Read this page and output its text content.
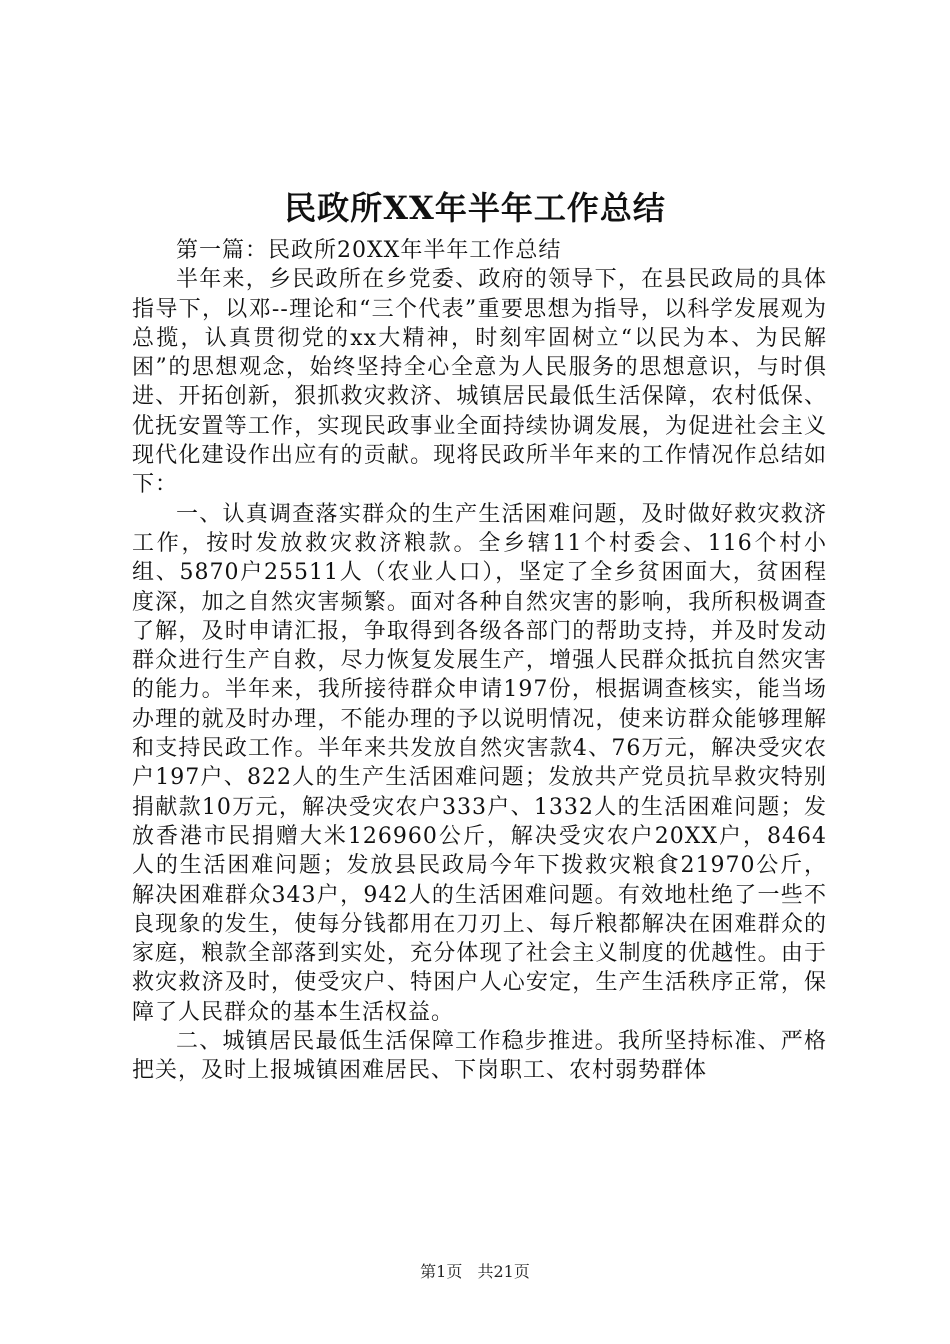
民政所XX年半年工作总结

第一篇：民政所20XX年半年工作总结

半年来，乡民政所在乡党委、政府的领导下，在县民政局的具体指导下，以邓--理论和“三个代表”重要思想为指导，以科学发展观为总揽，认真贯彻党的xx大精神，时刻牢固树立“以民为本、为民解困”的思想观念，始终坚持全心全意为人民服务的思想意识，与时俱进、开拓创新，狠抓救灾救济、城镇居民最低生活保障，农村低保、优抚安置等工作，实现民政事业全面持续协调发展，为促进社会主义现代化建设作出应有的贡献。现将民政所半年来的工作情况作总结如下：

一、认真调查落实群众的生产生活困难问题，及时做好救灾救济工作，按时发放救灾救济粮款。全乡辖11个村委会、116个村小组、5870户25511人（农业人口），坚定了全乡贫困面大，贫困程度深，加之自然灾害频繁。面对各种自然灾害的影响，我所积极调查了解，及时申请汇报，争取得到各级各部门的帮助支持，并及时发动群众进行生产自救，尽力恢复发展生产，增强人民群众抵抗自然灾害的能力。半年来，我所接待群众申请197份，根据调查核实，能当场办理的就及时办理，不能办理的予以说明情况，使来访群众能够理解和支持民政工作。半年来共发放自然灾害款4、76万元，解决受灾农户197户、822人的生产生活困难问题；发放共产党员抗旱救灾特别捐献款10万元，解决受灾农户333户、1332人的生活困难问题；发放香港市民捐赠大米126960公斤，解决受灾农户20XX户，8464人的生活困难问题；发放县民政局今年下拨救灾粮食21970公斤，解决困难群众343户，942人的生活困难问题。有效地杜绝了一些不良现象的发生，使每分钱都用在刀刃上、每斤粮都解决在困难群众的家庭，粮款全部落到实处，充分体现了社会主义制度的优越性。由于救灾救济及时，使受灾户、特困户人心安定，生产生活秩序正常，保障了人民群众的基本生活权益。

二、城镇居民最低生活保障工作稳步推进。我所坚持标准、严格把关，及时上报城镇困难居民、下岗职工、农村弱势群体

第1页 共21页
